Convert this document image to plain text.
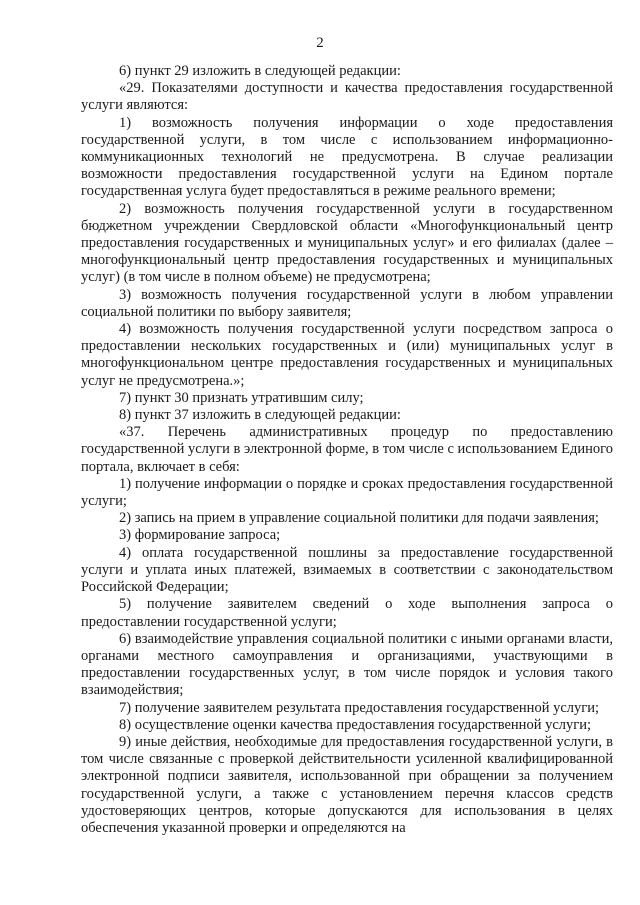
2

6) пункт 29 изложить в следующей редакции:

«29. Показателями доступности и качества предоставления государственной услуги являются:

1) возможность получения информации о ходе предоставления государственной услуги, в том числе с использованием информационно-коммуникационных технологий не предусмотрена. В случае реализации возможности предоставления государственной услуги на Едином портале государственная услуга будет предоставляться в режиме реального времени;

2) возможность получения государственной услуги в государственном бюджетном учреждении Свердловской области «Многофункциональный центр предоставления государственных и муниципальных услуг» и его филиалах (далее – многофункциональный центр предоставления государственных и муниципальных услуг) (в том числе в полном объеме) не предусмотрена;

3) возможность получения государственной услуги в любом управлении социальной политики по выбору заявителя;

4) возможность получения государственной услуги посредством запроса о предоставлении нескольких государственных и (или) муниципальных услуг в многофункциональном центре предоставления государственных и муниципальных услуг не предусмотрена.»;

7) пункт 30 признать утратившим силу;

8) пункт 37 изложить в следующей редакции:

«37. Перечень административных процедур по предоставлению государственной услуги в электронной форме, в том числе с использованием Единого портала, включает в себя:

1) получение информации о порядке и сроках предоставления государственной услуги;

2) запись на прием в управление социальной политики для подачи заявления;

3) формирование запроса;

4) оплата государственной пошлины за предоставление государственной услуги и уплата иных платежей, взимаемых в соответствии с законодательством Российской Федерации;

5) получение заявителем сведений о ходе выполнения запроса о предоставлении государственной услуги;

6) взаимодействие управления социальной политики с иными органами власти, органами местного самоуправления и организациями, участвующими в предоставлении государственных услуг, в том числе порядок и условия такого взаимодействия;

7) получение заявителем результата предоставления государственной услуги;

8) осуществление оценки качества предоставления государственной услуги;

9) иные действия, необходимые для предоставления государственной услуги, в том числе связанные с проверкой действительности усиленной квалифицированной электронной подписи заявителя, использованной при обращении за получением государственной услуги, а также с установлением перечня классов средств удостоверяющих центров, которые допускаются для использования в целях обеспечения указанной проверки и определяются на
